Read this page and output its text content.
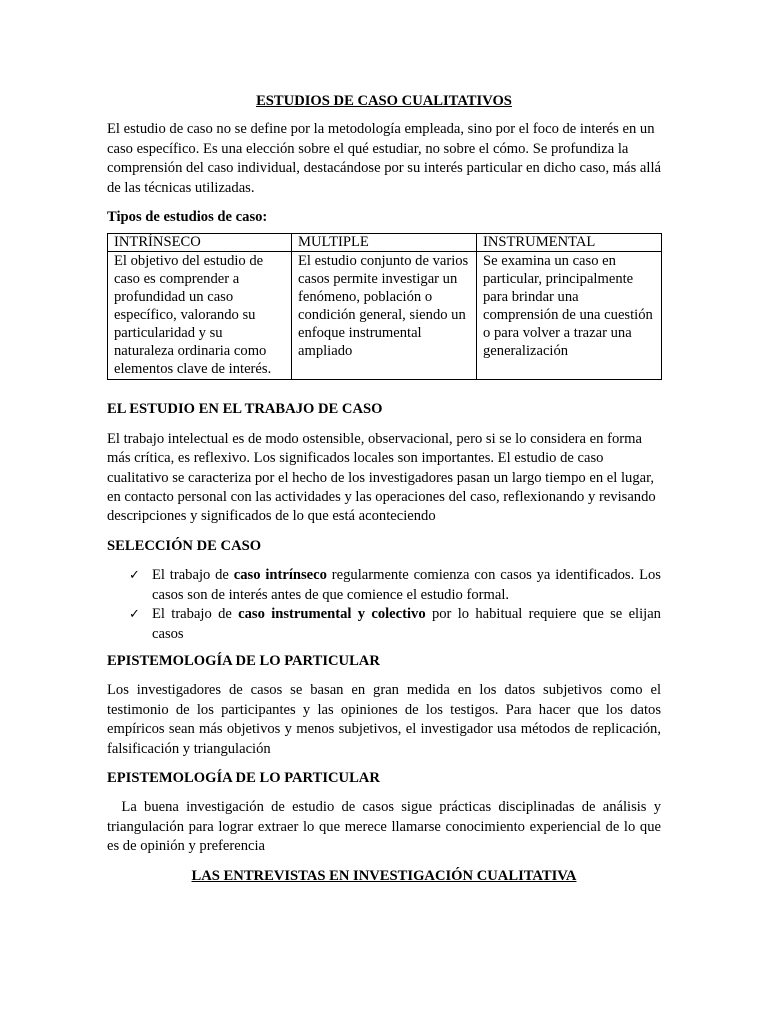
ESTUDIOS DE CASO CUALITATIVOS

El estudio de caso no se define por la metodología empleada, sino por el foco de interés en un caso específico. Es una elección sobre el qué estudiar, no sobre el cómo. Se profundiza la comprensión del caso individual, destacándose por su interés particular en dicho caso, más allá de las técnicas utilizadas.

Tipos de estudios de caso:

INTRÍNSECO	MULTIPLE	INSTRUMENTAL
El objetivo del estudio de caso es comprender a profundidad un caso específico, valorando su particularidad y su naturaleza ordinaria como elementos clave de interés.	El estudio conjunto de varios casos permite investigar un fenómeno, población o condición general, siendo un enfoque instrumental ampliado	Se examina un caso en particular, principalmente para brindar una comprensión de una cuestión o para volver a trazar una generalización
EL ESTUDIO EN EL TRABAJO DE CASO

El trabajo intelectual es de modo ostensible, observacional, pero si se lo considera en forma más crítica, es reflexivo. Los significados locales son importantes. El estudio de caso cualitativo se caracteriza por el hecho de los investigadores pasan un largo tiempo en el lugar, en contacto personal con las actividades y las operaciones del caso, reflexionando y revisando descripciones y significados de lo que está aconteciendo

SELECCIÓN DE CASO
✓ El trabajo de caso intrínseco regularmente comienza con casos ya identificados. Los casos son de interés antes de que comience el estudio formal.
✓ El trabajo de caso instrumental y colectivo por lo habitual requiere que se elijan casos
EPISTEMOLOGÍA DE LO PARTICULAR

Los investigadores de casos se basan en gran medida en los datos subjetivos como el testimonio de los participantes y las opiniones de los testigos. Para hacer que los datos empíricos sean más objetivos y menos subjetivos, el investigador usa métodos de replicación, falsificación y triangulación

EPISTEMOLOGÍA DE LO PARTICULAR

La buena investigación de estudio de casos sigue prácticas disciplinadas de análisis y triangulación para lograr extraer lo que merece llamarse conocimiento experiencial de lo que es de opinión y preferencia

LAS ENTREVISTAS EN INVESTIGACIÓN CUALITATIVA
